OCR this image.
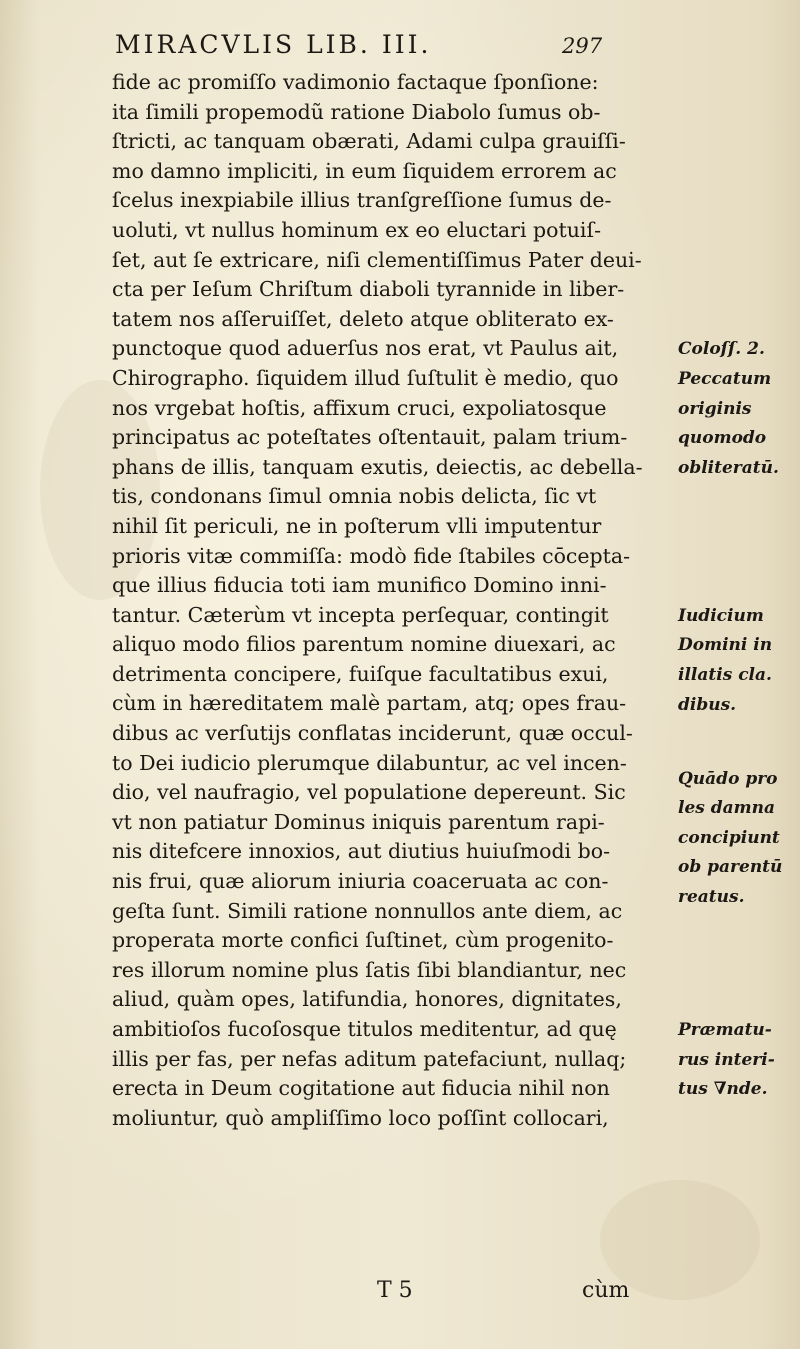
MIRACVLIS LIB. III.	297
fide ac promiſſo vadimonio factaque ſponſione:
ita ſimili propemodũ ratione Diabolo ſumus ob-
ſtricti, ac tanquam obærati, Adami culpa grauiſſi-
mo damno impliciti, in eum ſiquidem errorem ac
ſcelus inexpiabile illius tranſgreſſione ſumus de-
uoluti, vt nullus hominum ex eo eluctari potuiſ-
ſet, aut ſe extricare, niſi clementiſſimus Pater deui-
cta per Ieſum Chriſtum diaboli tyrannide in liber-
tatem nos aſſeruiſſet, deleto atque obliterato ex-
punctoque quod aduerſus nos erat, vt Paulus ait,
Chirographo. ſiquidem illud ſuſtulit è medio, quo
nos vrgebat hoſtis, affixum cruci, expoliatosque
principatus ac poteſtates oſtentauit, palam trium-
phans de illis, tanquam exutis, deiectis, ac debella-
tis, condonans ſimul omnia nobis delicta, ſic vt
nihil ſit periculi, ne in poſterum vlli imputentur
prioris vitæ commiſſa: modò fide ſtabiles cōcepta-
que illius fiducia toti iam munifico Domino inni-
tantur. Cæterùm vt incepta perſequar, contingit
aliquo modo filios parentum nomine diuexari, ac
detrimenta concipere, fuiſque facultatibus exui,
cùm in hæreditatem malè partam, atq; opes frau-
dibus ac verſutijs conflatas inciderunt, quæ occul-
to Dei iudicio plerumque dilabuntur, ac vel incen-
dio, vel naufragio, vel populatione depereunt. Sic
vt non patiatur Dominus iniquis parentum rapi-
nis ditefcere innoxios, aut diutius huiuſmodi bo-
nis frui, quæ aliorum iniuria coaceruata ac con-
geſta ſunt. Simili ratione nonnullos ante diem, ac
properata morte confici ſuſtinet, cùm progenito-
res illorum nomine plus ſatis ſibi blandiantur, nec
aliud, quàm opes, latifundia, honores, dignitates,
ambitioſos fucoſosque titulos meditentur, ad quę
illis per fas, per nefas aditum patefaciunt, nullaq;
erecta in Deum cogitatione aut fiducia nihil non
moliuntur, quò ampliſſimo loco poſſint collocari,
Coloſſ. 2.
Peccatum
originis
quomodo
obliteratū.
Iudicium
Domini in
illatis cla.
dibus.
Quādo pro
les damna
concipiunt
ob parentū
reatus.
Præmatu-
rus interi-
tus ∇nde.
T 5	cùm
